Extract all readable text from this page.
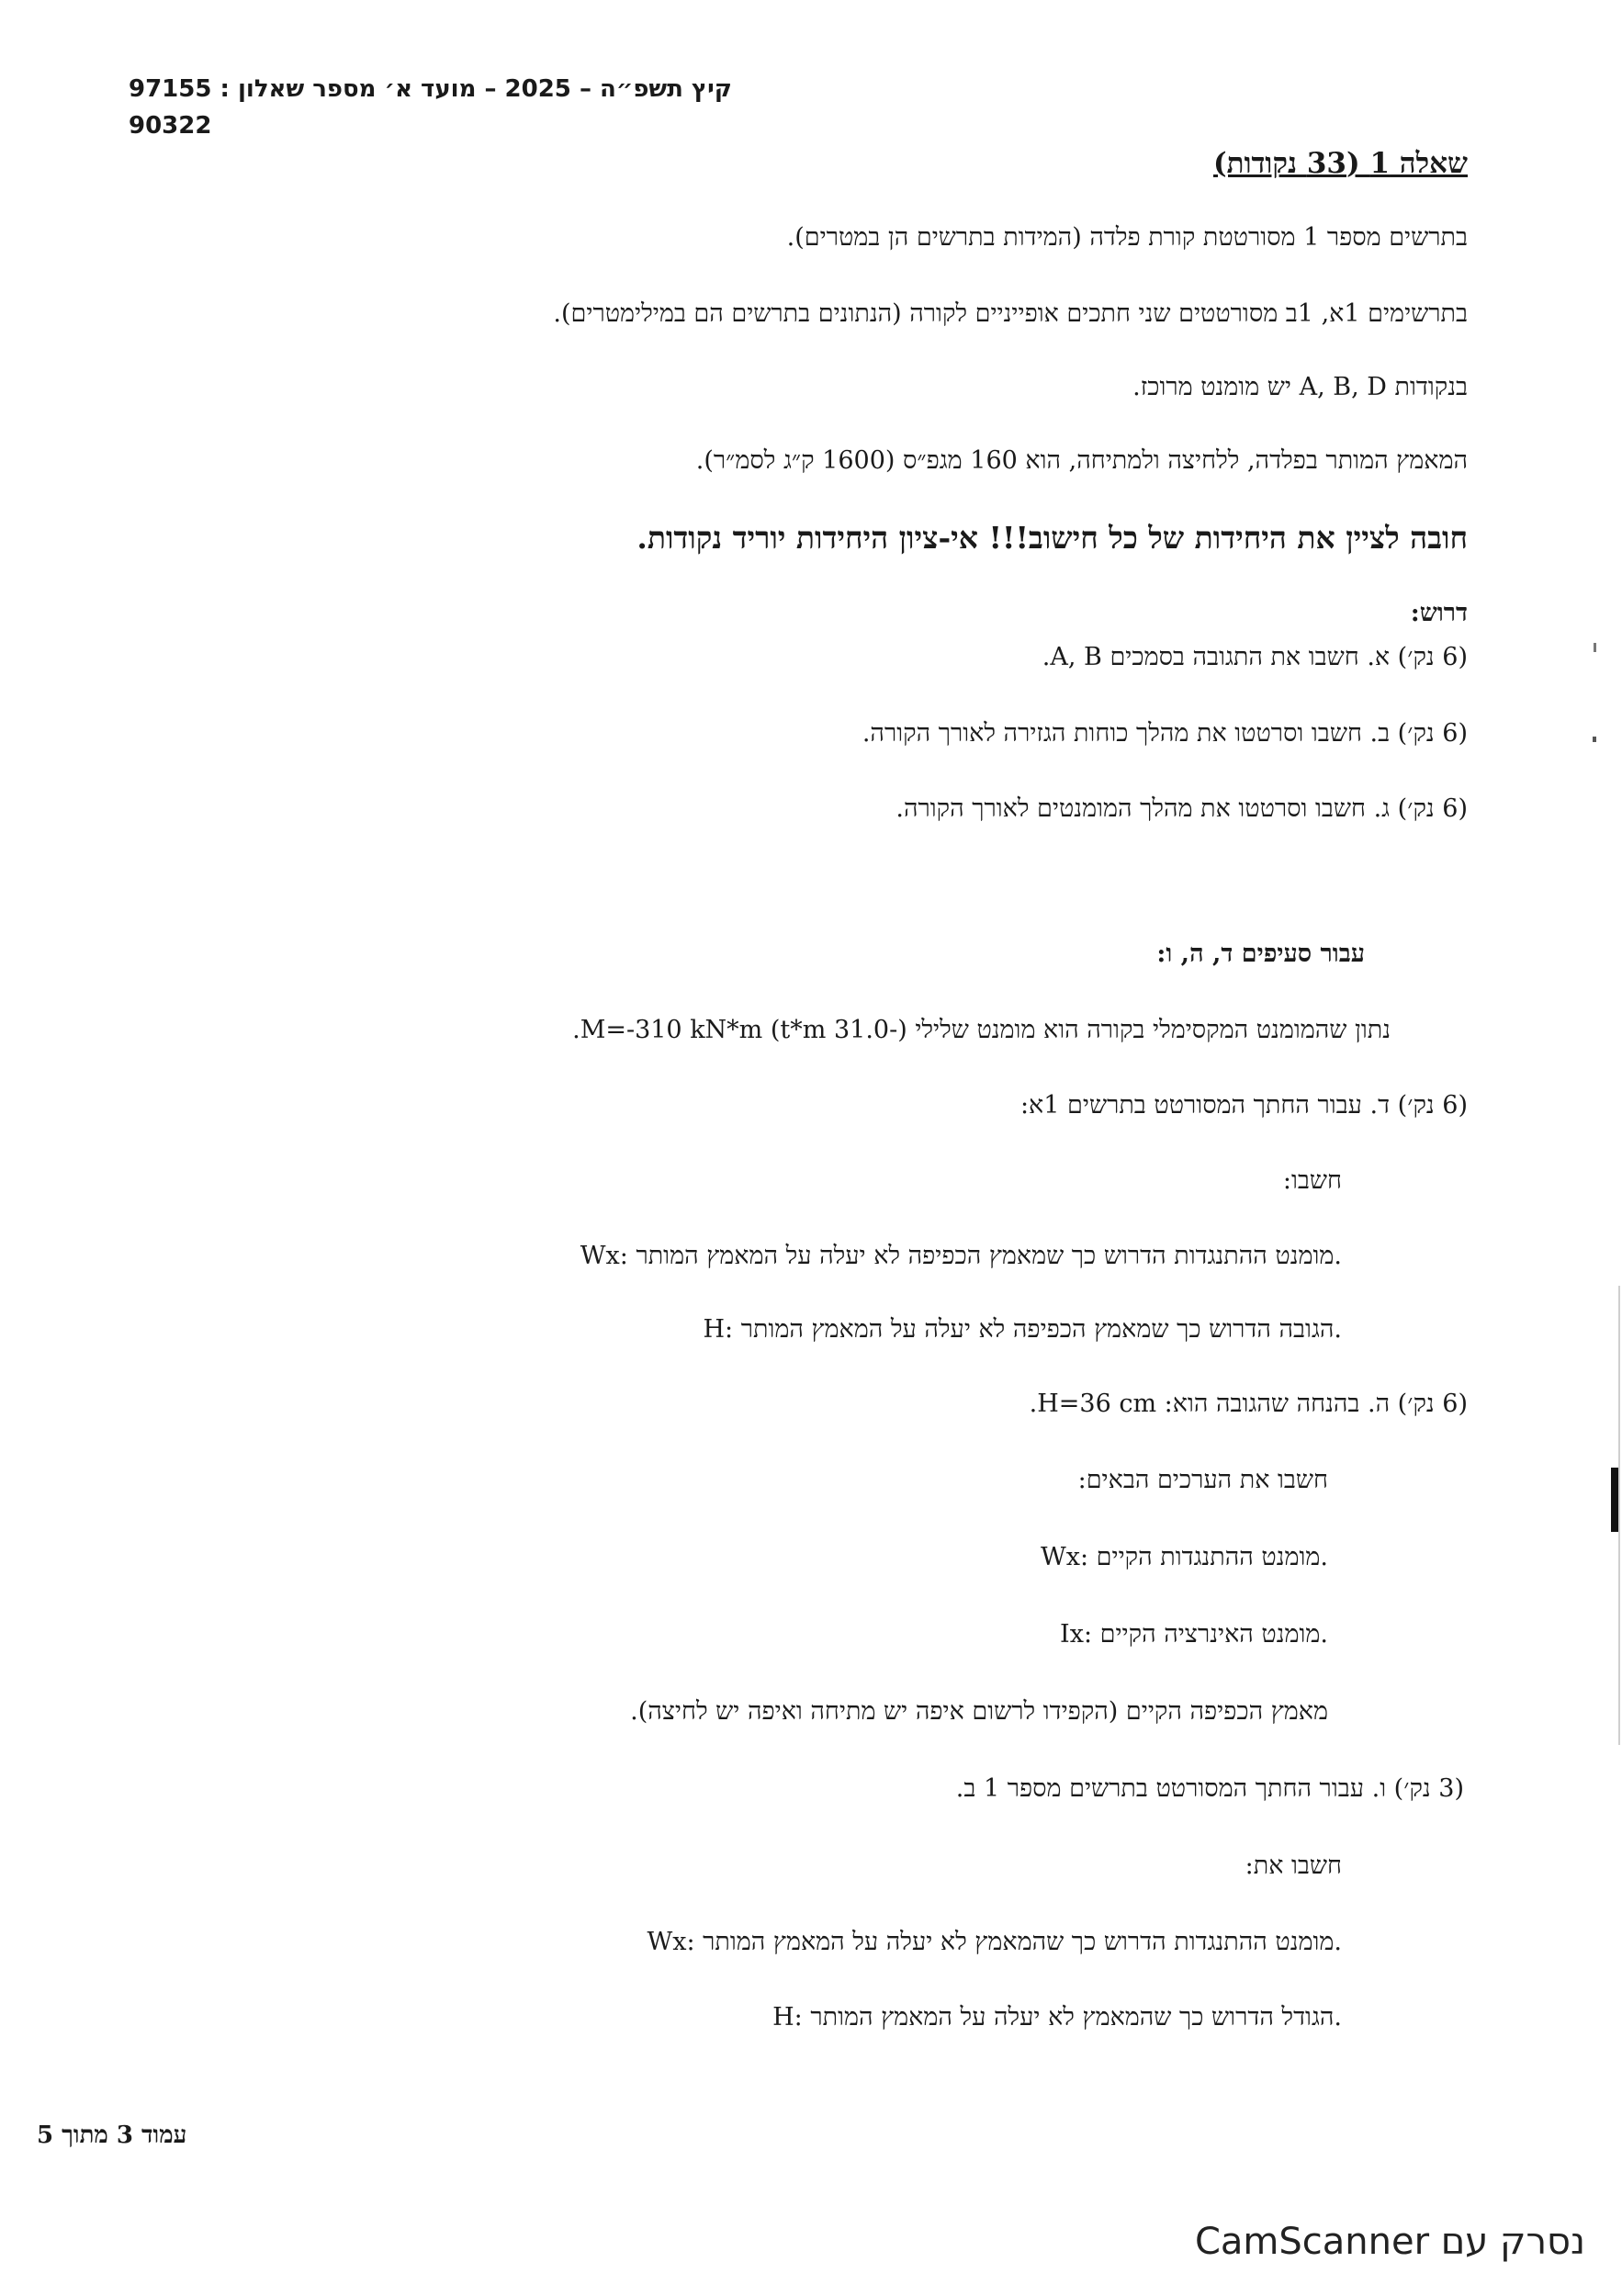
קיץ תשפ״ה – 2025 – מועד א׳ מספר שאלון : 97155
90322
שאלה 1 (33 נקודות)
בתרשים מספר 1 מסורטטת קורת פלדה (המידות בתרשים הן במטרים).
בתרשימים 1א, 1ב מסורטטים שני חתכים אופייניים לקורה (הנתונים בתרשים הם במילימטרים).
בנקודות A, B, D יש מומנט מרוכז.
המאמץ המותר בפלדה, ללחיצה ולמתיחה, הוא 160 מגפ״ס (1600 ק״ג לסמ״ר).
חובה לציין את היחידות של כל חישוב!!! אי-ציון היחידות יוריד נקודות.
דרוש:
(6 נק׳) א. חשבו את התגובה בסמכים A, B.
(6 נק׳) ב. חשבו וסרטטו את מהלך כוחות הגזירה לאורך הקורה.
(6 נק׳) ג. חשבו וסרטטו את מהלך המומנטים לאורך הקורה.
עבור סעיפים ד, ה, ו:
נתון שהמומנט המקסימלי בקורה הוא מומנט שלילי (-31.0 t*m) M=-310 kN*m.
(6 נק׳) ד. עבור החתך המסורטט בתרשים 1א:
חשבו:
Wx: מומנט ההתנגדות הדרוש כך שמאמץ הכפיפה לא יעלה על המאמץ המותר.
H: הגובה הדרוש כך שמאמץ הכפיפה לא יעלה על המאמץ המותר.
(6 נק׳) ה. בהנחה שהגובה הוא: H=36 cm.
חשבו את הערכים הבאים:
Wx: מומנט ההתנגדות הקיים.
Ix: מומנט האינרציה הקיים.
מאמץ הכפיפה הקיים (הקפידו לרשום איפה יש מתיחה ואיפה יש לחיצה).
(3 נק׳) ו. עבור החתך המסורטט בתרשים מספר 1 ב.
חשבו את:
Wx: מומנט ההתנגדות הדרוש כך שהמאמץ לא יעלה על המאמץ המותר.
H: הגודל הדרוש כך שהמאמץ לא יעלה על המאמץ המותר.
עמוד 3 מתוך 5
נסרק עם CamScanner
